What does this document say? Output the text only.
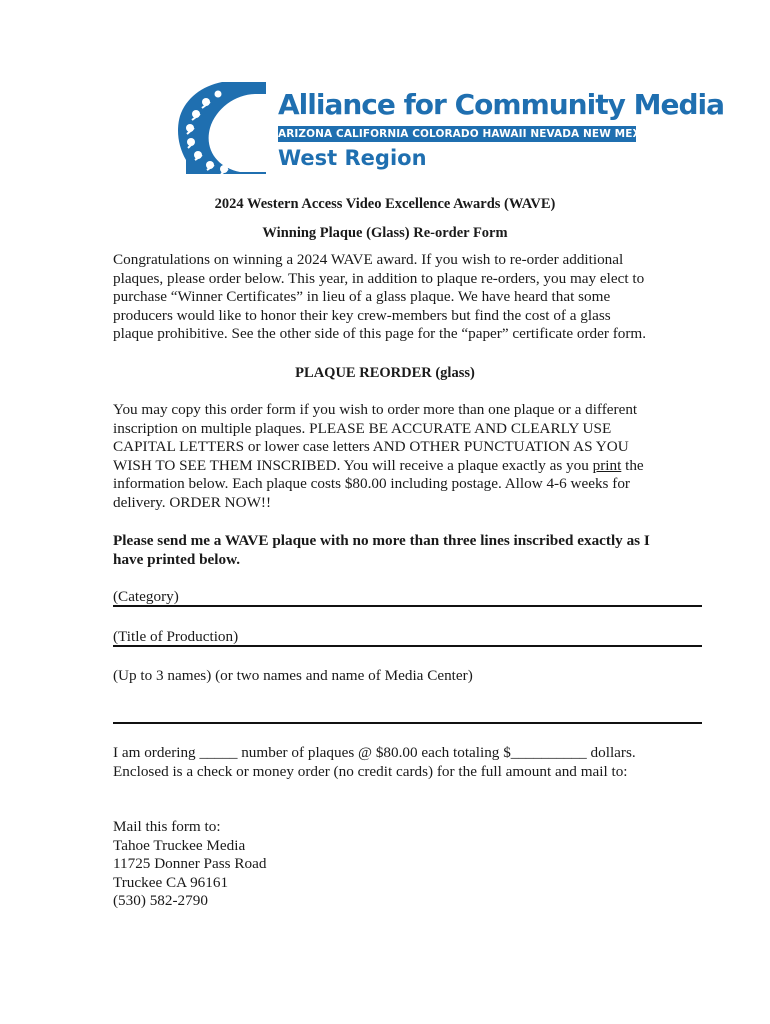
Alliance for Community Media
ARIZONA CALIFORNIA COLORADO HAWAII NEVADA NEW MEXICO
West Region
2024 Western Access Video Excellence Awards (WAVE)
Winning Plaque (Glass) Re-order Form
Congratulations on winning a 2024 WAVE award. If you wish to re-order additional
plaques, please order below. This year, in addition to plaque re-orders, you may elect to
purchase “Winner Certificates” in lieu of a glass plaque. We have heard that some
producers would like to honor their key crew-members but find the cost of a glass
plaque prohibitive. See the other side of this page for the “paper” certificate order form.
PLAQUE REORDER (glass)
You may copy this order form if you wish to order more than one plaque or a different
inscription on multiple plaques. PLEASE BE ACCURATE AND CLEARLY USE
CAPITAL LETTERS or lower case letters AND OTHER PUNCTUATION AS YOU
WISH TO SEE THEM INSCRIBED. You will receive a plaque exactly as you print the
information below. Each plaque costs $80.00 including postage. Allow 4-6 weeks for
delivery. ORDER NOW!!
Please send me a WAVE plaque with no more than three lines inscribed exactly as I
have printed below.
(Category)
(Title of Production)
(Up to 3 names) (or two names and name of Media Center)
I am ordering _____ number of plaques @ $80.00 each totaling $__________ dollars.
Enclosed is a check or money order (no credit cards) for the full amount and mail to:
Mail this form to:
Tahoe Truckee Media
11725 Donner Pass Road
Truckee CA 96161
(530) 582-2790
